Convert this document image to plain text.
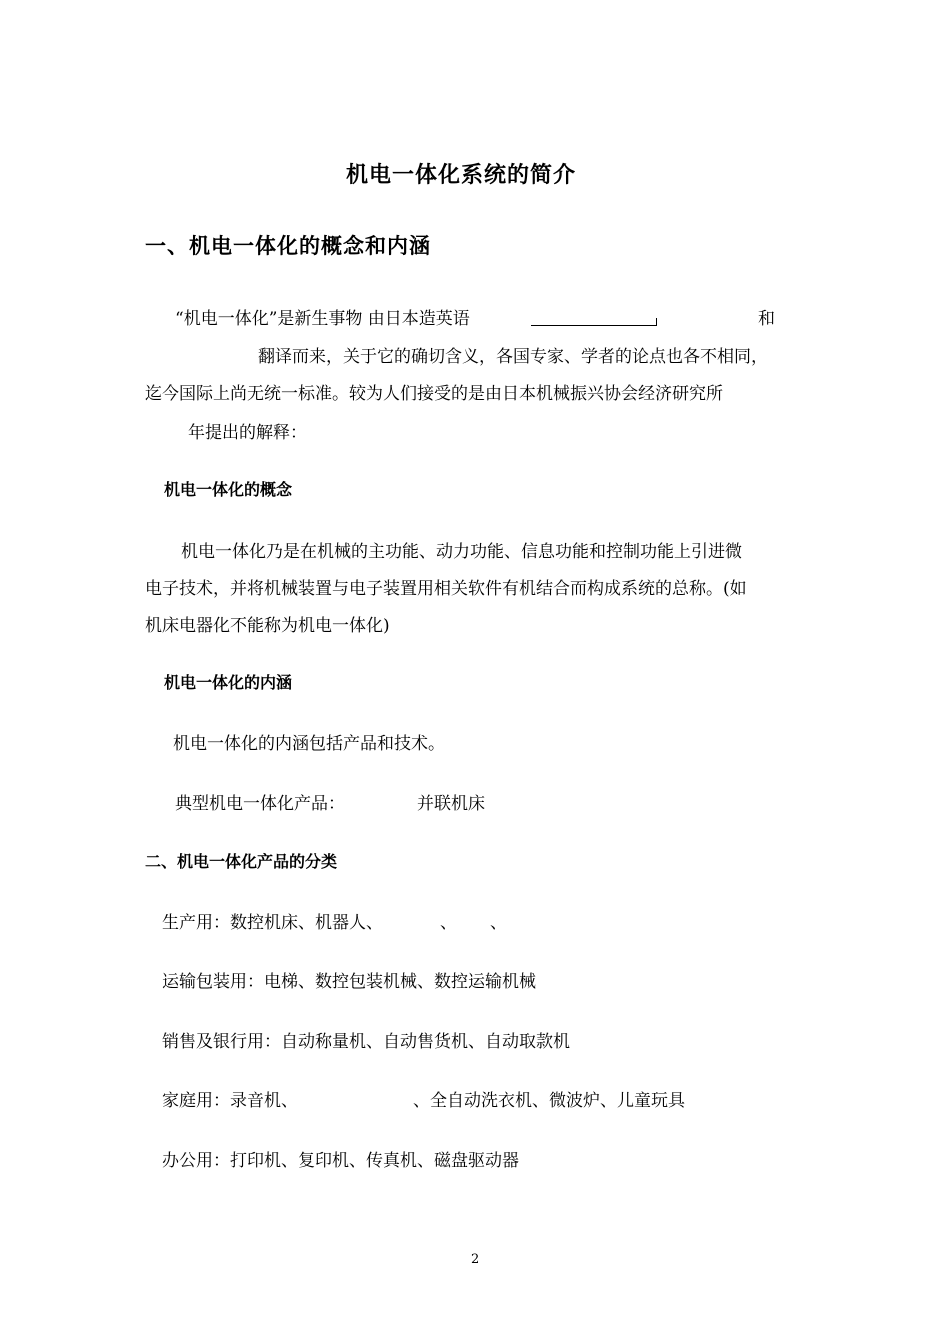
机电一体化系统的简介
一、机电一体化的概念和内涵
“机电一体化”是新生事物 由日本造英语	和
翻译而来，关于它的确切含义，各国专家、学者的论点也各不相同，
迄今国际上尚无统一标准。较为人们接受的是由日本机械振兴协会经济研究所
年提出的解释：
机电一体化的概念
机电一体化乃是在机械的主功能、动力功能、信息功能和控制功能上引进微
电子技术，并将机械装置与电子装置用相关软件有机结合而构成系统的总称。(如
机床电器化不能称为机电一体化)
机电一体化的内涵
机电一体化的内涵包括产品和技术。
典型机电一体化产品：	并联机床
二、机电一体化产品的分类
生产用：数控机床、机器人、	、 、
运输包装用：电梯、数控包装机械、数控运输机械
销售及银行用：自动称量机、自动售货机、自动取款机
家庭用：录音机、	、全自动洗衣机、微波炉、儿童玩具
办公用：打印机、复印机、传真机、磁盘驱动器
2
